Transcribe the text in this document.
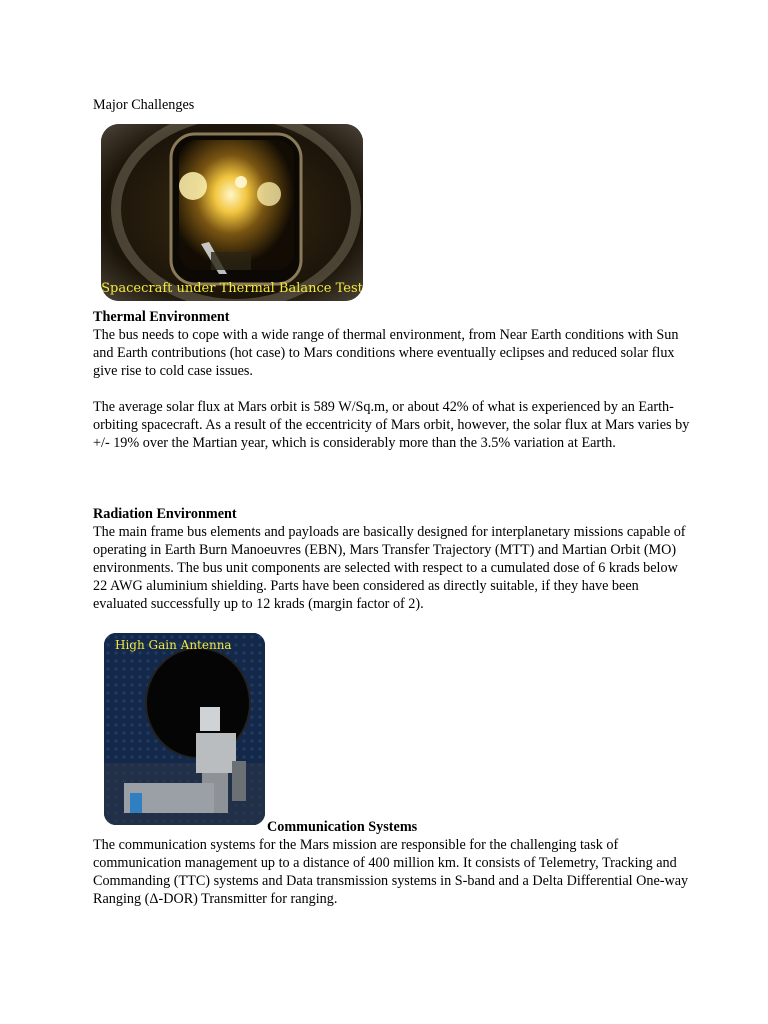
Major Challenges

Spacecraft under Thermal Balance Test

Thermal Environment

The bus needs to cope with a wide range of thermal environment, from Near Earth conditions with Sun and Earth contributions (hot case) to Mars conditions where eventually eclipses and reduced solar flux give rise to cold case issues.

The average solar flux at Mars orbit is 589 W/Sq.m, or about 42% of what is experienced by an Earth-orbiting spacecraft. As a result of the eccentricity of Mars orbit, however, the solar flux at Mars varies by +/- 19% over the Martian year, which is considerably more than the 3.5% variation at Earth.

Radiation Environment

The main frame bus elements and payloads are basically designed for interplanetary missions capable of operating in Earth Burn Manoeuvres (EBN), Mars Transfer Trajectory (MTT) and Martian Orbit (MO) environments. The bus unit components are selected with respect to a cumulated dose of 6 krads below 22 AWG aluminium shielding. Parts have been considered as directly suitable, if they have been evaluated successfully up to 12 krads (margin factor of 2).

High Gain Antenna

Communication Systems

The communication systems for the Mars mission are responsible for the challenging task of communication management up to a distance of 400 million km. It consists of Telemetry, Tracking and Commanding (TTC) systems and Data transmission systems in S-band and a Delta Differential One-way Ranging (Δ-DOR) Transmitter for ranging.
